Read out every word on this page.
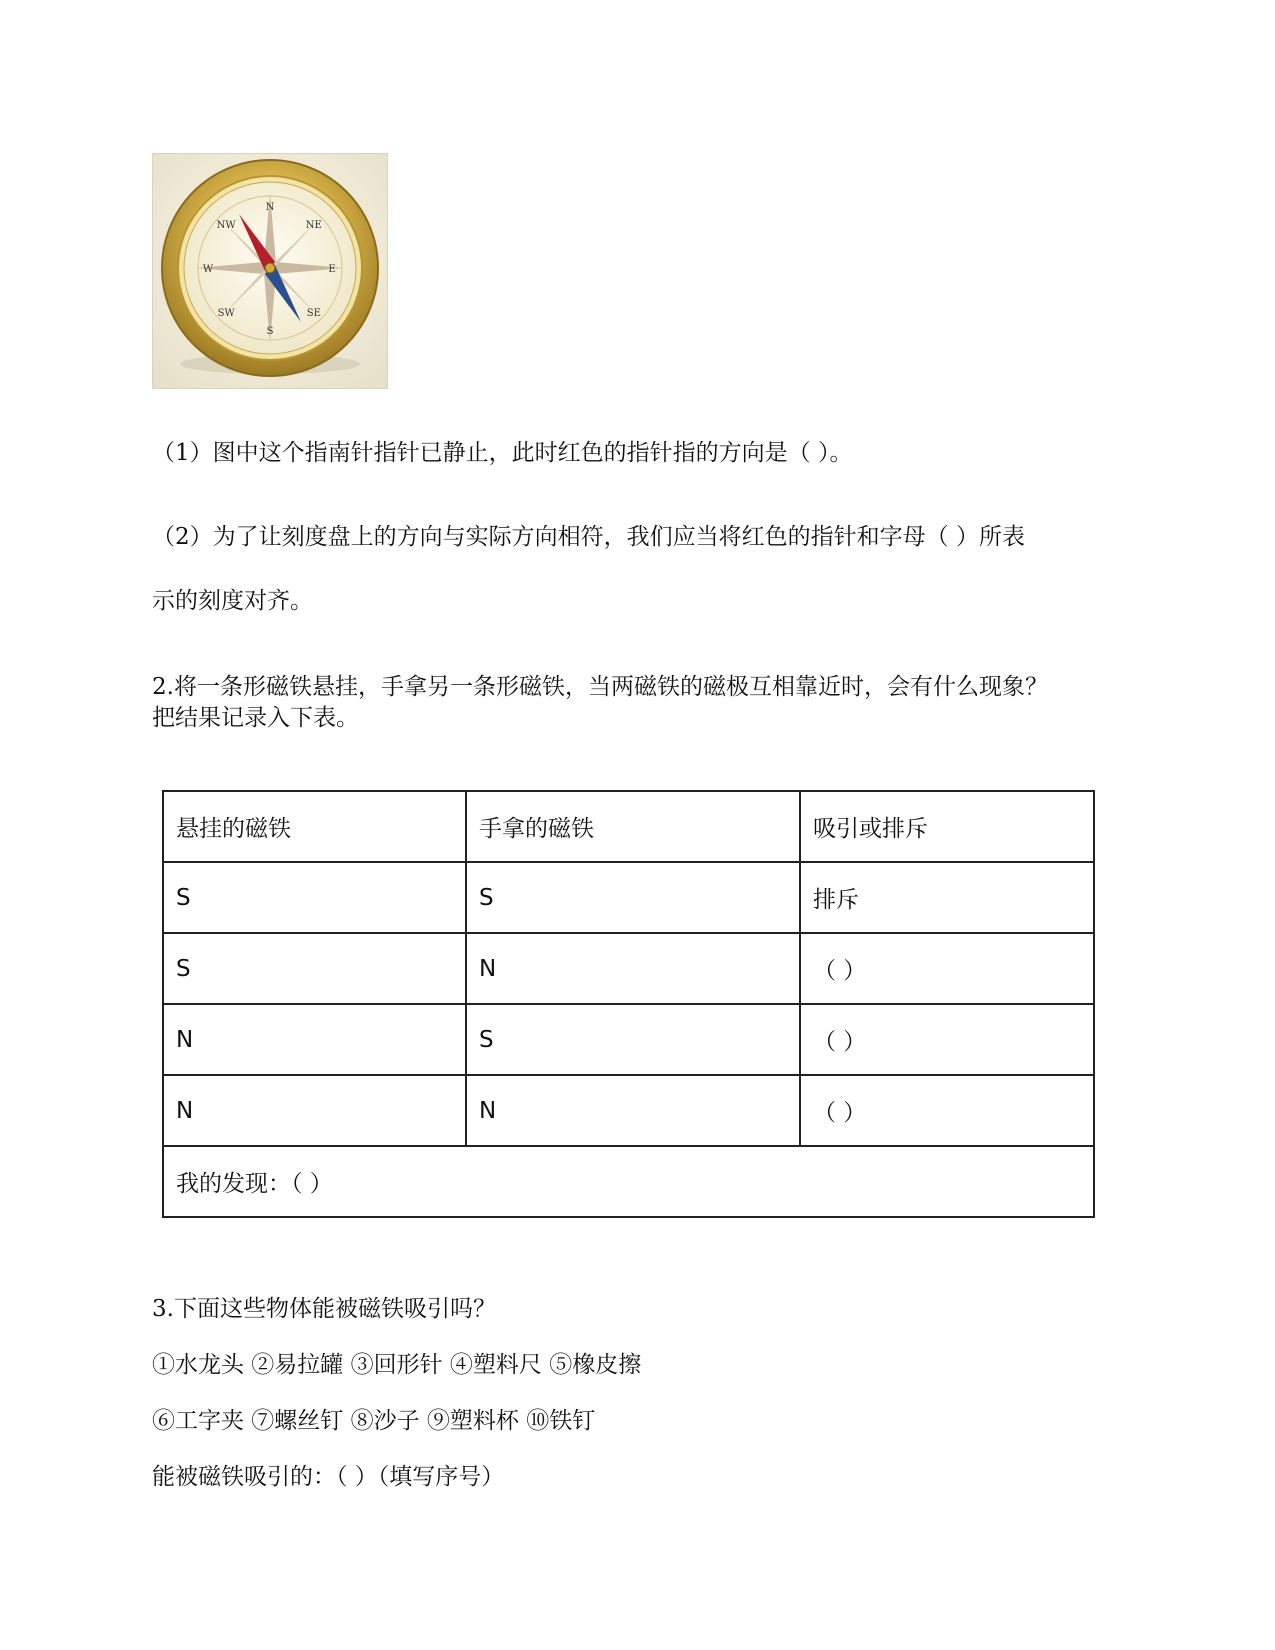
N
NE
E
SE
S
SW
W
NW
（1）图中这个指南针指针已静止，此时红色的指针指的方向是（ ）。
（2）为了让刻度盘上的方向与实际方向相符，我们应当将红色的指针和字母（ ）所表
示的刻度对齐。
2.将一条形磁铁悬挂，手拿另一条形磁铁，当两磁铁的磁极互相靠近时，会有什么现象？
把结果记录入下表。
悬挂的磁铁	手拿的磁铁	吸引或排斥
S	S	排斥
S	N	（ ）
N	S	（ ）
N	N	（ ）
我的发现：（ ）		
3.下面这些物体能被磁铁吸引吗？
①水龙头 ②易拉罐 ③回形针 ④塑料尺 ⑤橡皮擦
⑥工字夹 ⑦螺丝钉 ⑧沙子 ⑨塑料杯 ⑩铁钉
能被磁铁吸引的：（ ）（填写序号）
